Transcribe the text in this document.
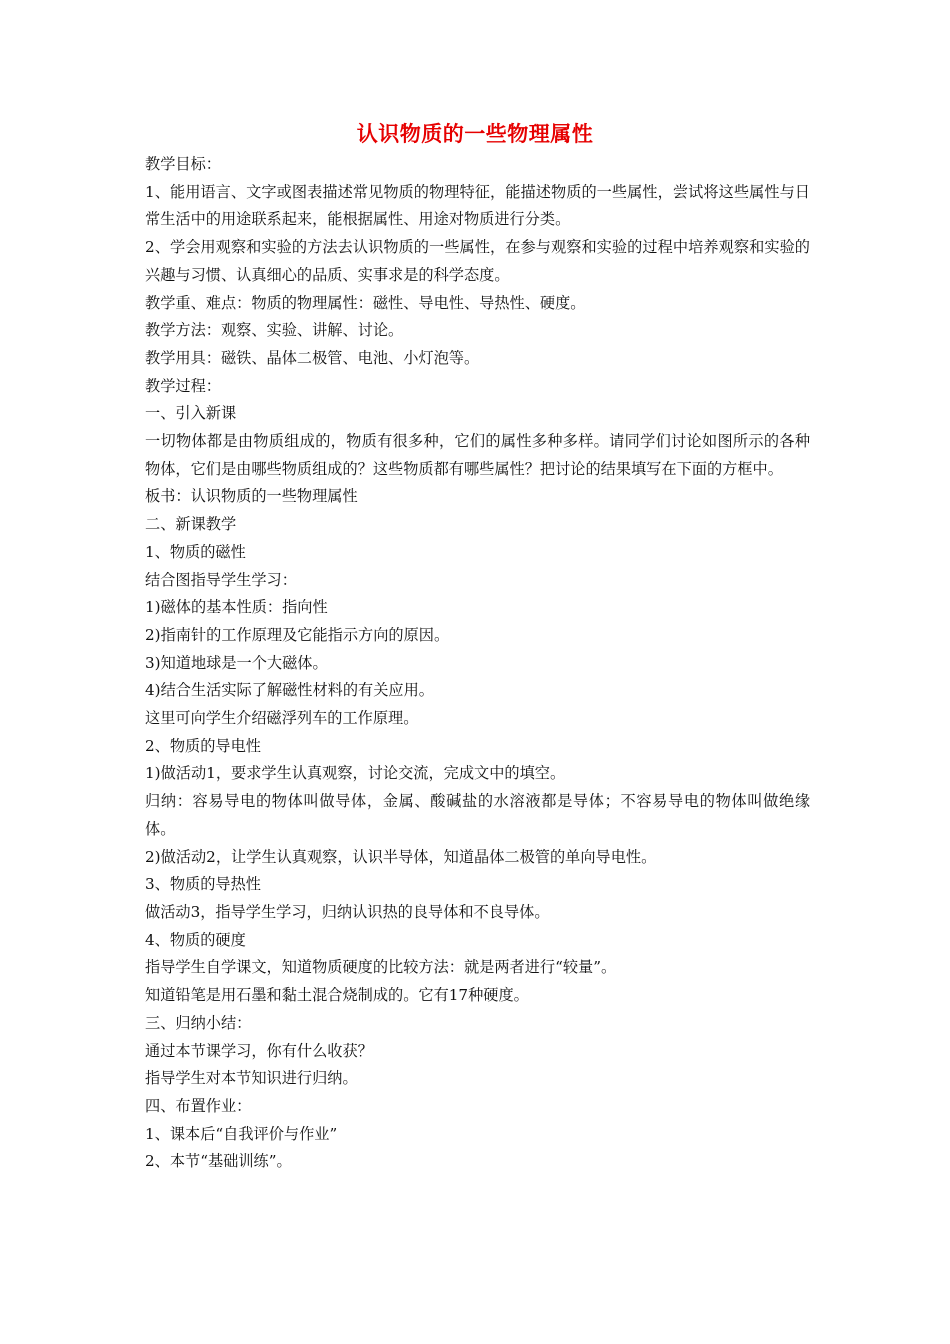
认识物质的一些物理属性

教学目标：

1、能用语言、文字或图表描述常见物质的物理特征，能描述物质的一些属性，尝试将这些属性与日常生活中的用途联系起来，能根据属性、用途对物质进行分类。

2、学会用观察和实验的方法去认识物质的一些属性，在参与观察和实验的过程中培养观察和实验的兴趣与习惯、认真细心的品质、实事求是的科学态度。

教学重、难点：物质的物理属性：磁性、导电性、导热性、硬度。

教学方法：观察、实验、讲解、讨论。

教学用具：磁铁、晶体二极管、电池、小灯泡等。

教学过程：

一、引入新课

一切物体都是由物质组成的，物质有很多种，它们的属性多种多样。请同学们讨论如图所示的各种物体，它们是由哪些物质组成的？这些物质都有哪些属性？把讨论的结果填写在下面的方框中。

板书：认识物质的一些物理属性

二、新课教学

1、物质的磁性

结合图指导学生学习：

1)磁体的基本性质：指向性

2)指南针的工作原理及它能指示方向的原因。

3)知道地球是一个大磁体。

4)结合生活实际了解磁性材料的有关应用。

这里可向学生介绍磁浮列车的工作原理。

2、物质的导电性

1)做活动1，要求学生认真观察，讨论交流，完成文中的填空。

归纳：容易导电的物体叫做导体，金属、酸碱盐的水溶液都是导体；不容易导电的物体叫做绝缘体。

2)做活动2，让学生认真观察，认识半导体，知道晶体二极管的单向导电性。

3、物质的导热性

做活动3，指导学生学习，归纳认识热的良导体和不良导体。

4、物质的硬度

指导学生自学课文，知道物质硬度的比较方法：就是两者进行“较量”。

知道铅笔是用石墨和黏土混合烧制成的。它有17种硬度。

三、归纳小结：

通过本节课学习，你有什么收获？

指导学生对本节知识进行归纳。

四、布置作业：

1、课本后“自我评价与作业”

2、本节“基础训练”。
